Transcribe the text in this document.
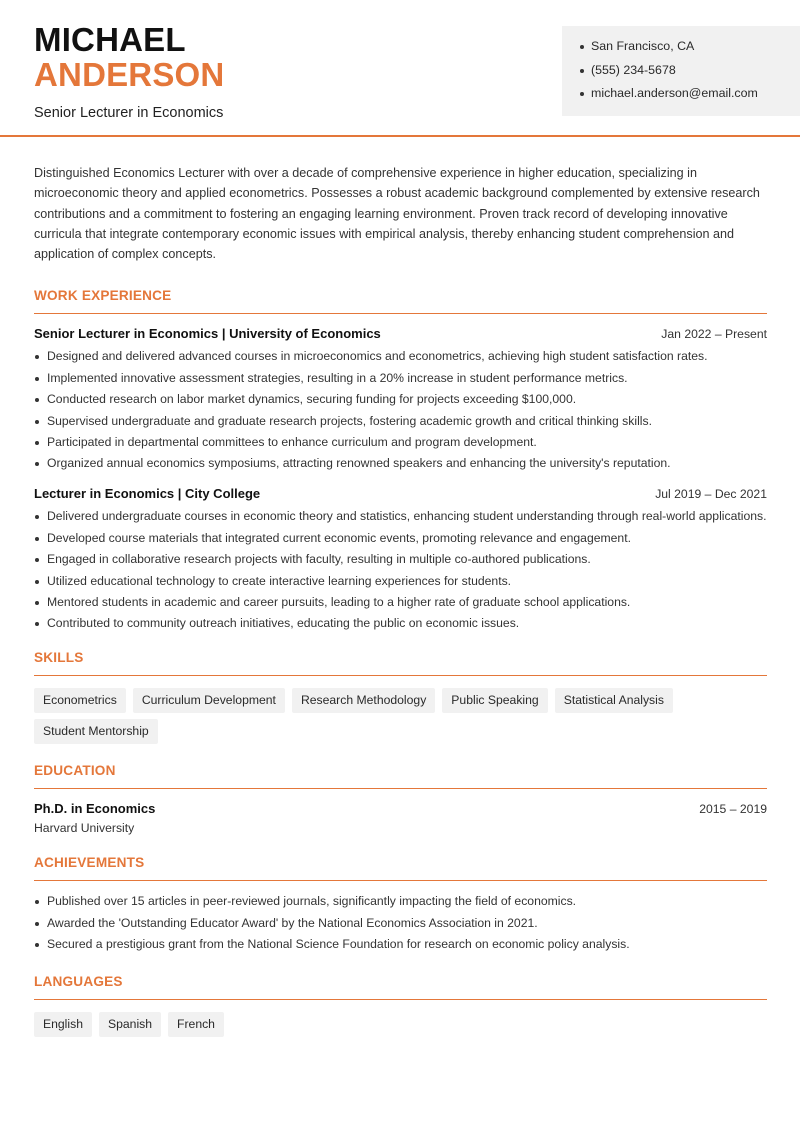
MICHAEL
ANDERSON
Senior Lecturer in Economics
San Francisco, CA
(555) 234-5678
michael.anderson@email.com

Distinguished Economics Lecturer with over a decade of comprehensive experience in higher education, specializing in microeconomic theory and applied econometrics. Possesses a robust academic background complemented by extensive research contributions and a commitment to fostering an engaging learning environment. Proven track record of developing innovative curricula that integrate contemporary economic issues with empirical analysis, thereby enhancing student comprehension and application of complex concepts.

WORK EXPERIENCE
Senior Lecturer in Economics | University of Economics	Jan 2022 – Present
Designed and delivered advanced courses in microeconomics and econometrics, achieving high student satisfaction rates.
Implemented innovative assessment strategies, resulting in a 20% increase in student performance metrics.
Conducted research on labor market dynamics, securing funding for projects exceeding $100,000.
Supervised undergraduate and graduate research projects, fostering academic growth and critical thinking skills.
Participated in departmental committees to enhance curriculum and program development.
Organized annual economics symposiums, attracting renowned speakers and enhancing the university's reputation.
Lecturer in Economics | City College	Jul 2019 – Dec 2021
Delivered undergraduate courses in economic theory and statistics, enhancing student understanding through real-world applications.
Developed course materials that integrated current economic events, promoting relevance and engagement.
Engaged in collaborative research projects with faculty, resulting in multiple co-authored publications.
Utilized educational technology to create interactive learning experiences for students.
Mentored students in academic and career pursuits, leading to a higher rate of graduate school applications.
Contributed to community outreach initiatives, educating the public on economic issues.
SKILLS
Econometrics	Curriculum Development	Research Methodology	Public Speaking	Statistical Analysis
Student Mentorship
EDUCATION
Ph.D. in Economics	2015 – 2019
Harvard University
ACHIEVEMENTS
Published over 15 articles in peer-reviewed journals, significantly impacting the field of economics.
Awarded the 'Outstanding Educator Award' by the National Economics Association in 2021.
Secured a prestigious grant from the National Science Foundation for research on economic policy analysis.
LANGUAGES
English	Spanish	French
